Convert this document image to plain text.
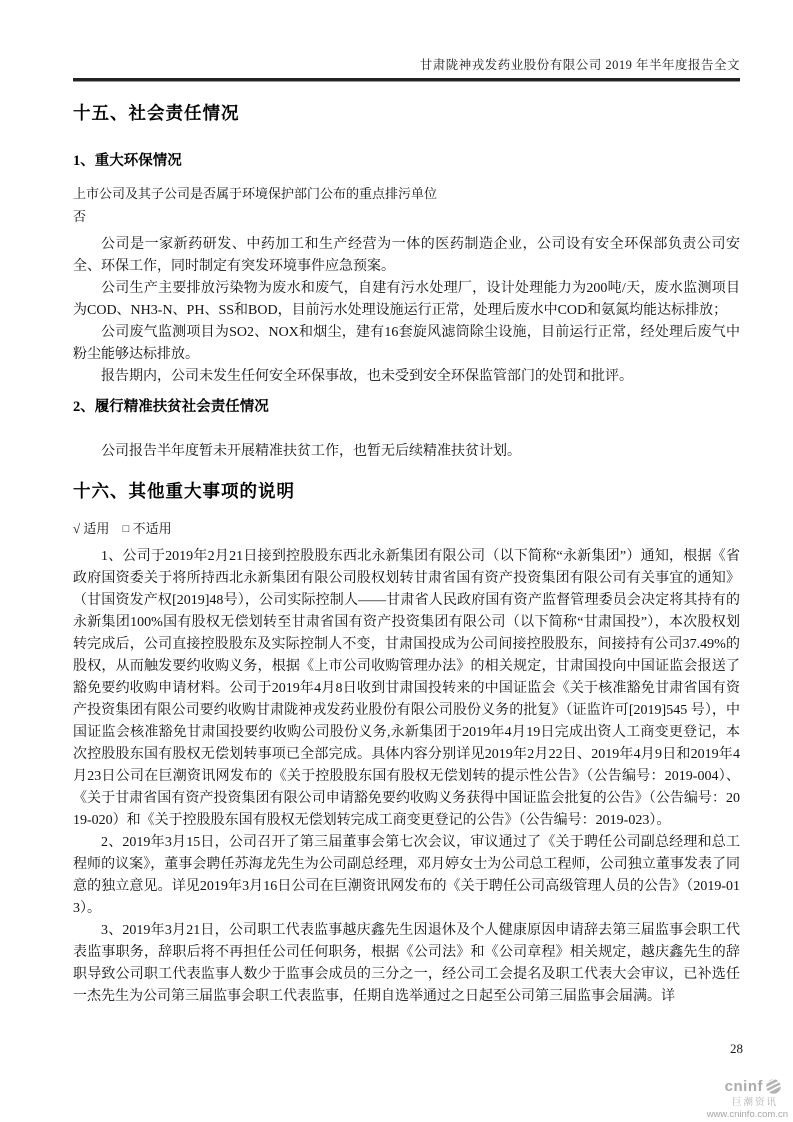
甘肃陇神戎发药业股份有限公司 2019 年半年度报告全文
十五、社会责任情况
1、重大环保情况

上市公司及其子公司是否属于环境保护部门公布的重点排污单位

否

公司是一家新药研发、中药加工和生产经营为一体的医药制造企业，公司设有安全环保部负责公司安全、环保工作，同时制定有突发环境事件应急预案。

公司生产主要排放污染物为废水和废气，自建有污水处理厂，设计处理能力为200吨/天，废水监测项目为COD、NH3-N、PH、SS和BOD，目前污水处理设施运行正常，处理后废水中COD和氨氮均能达标排放；

公司废气监测项目为SO2、NOX和烟尘，建有16套旋风滤筒除尘设施，目前运行正常，经处理后废气中粉尘能够达标排放。

报告期内，公司未发生任何安全环保事故，也未受到安全环保监管部门的处罚和批评。

2、履行精准扶贫社会责任情况

公司报告半年度暂未开展精准扶贫工作，也暂无后续精准扶贫计划。

十六、其他重大事项的说明

√ 适用 □ 不适用

1、公司于2019年2月21日接到控股股东西北永新集团有限公司（以下简称“永新集团”）通知，根据《省政府国资委关于将所持西北永新集团有限公司股权划转甘肃省国有资产投资集团有限公司有关事宜的通知》（甘国资发产权[2019]48号），公司实际控制人——甘肃省人民政府国有资产监督管理委员会决定将其持有的永新集团100%国有股权无偿划转至甘肃省国有资产投资集团有限公司（以下简称“甘肃国投”），本次股权划转完成后，公司直接控股股东及实际控制人不变，甘肃国投成为公司间接控股股东，间接持有公司37.49%的股权，从而触发要约收购义务，根据《上市公司收购管理办法》的相关规定，甘肃国投向中国证监会报送了豁免要约收购申请材料。公司于2019年4月8日收到甘肃国投转来的中国证监会《关于核准豁免甘肃省国有资产投资集团有限公司要约收购甘肃陇神戎发药业股份有限公司股份义务的批复》（证监许可[2019]545 号），中国证监会核准豁免甘肃国投要约收购公司股份义务,永新集团于2019年4月19日完成出资人工商变更登记，本次控股股东国有股权无偿划转事项已全部完成。具体内容分别详见2019年2月22日、2019年4月9日和2019年4月23日公司在巨潮资讯网发布的《关于控股股东国有股权无偿划转的提示性公告》（公告编号：2019-004）、《关于甘肃省国有资产投资集团有限公司申请豁免要约收购义务获得中国证监会批复的公告》（公告编号：2019-020）和《关于控股股东国有股权无偿划转完成工商变更登记的公告》（公告编号：2019-023）。

2、2019年3月15日，公司召开了第三届董事会第七次会议，审议通过了《关于聘任公司副总经理和总工程师的议案》，董事会聘任苏海龙先生为公司副总经理，邓月婷女士为公司总工程师，公司独立董事发表了同意的独立意见。详见2019年3月16日公司在巨潮资讯网发布的《关于聘任公司高级管理人员的公告》（2019-013）。

3、2019年3月21日，公司职工代表监事越庆鑫先生因退休及个人健康原因申请辞去第三届监事会职工代表监事职务，辞职后将不再担任公司任何职务，根据《公司法》和《公司章程》相关规定，越庆鑫先生的辞职导致公司职工代表监事人数少于监事会成员的三分之一，经公司工会提名及职工代表大会审议，已补选任一杰先生为公司第三届监事会职工代表监事，任期自选举通过之日起至公司第三届监事会届满。详

28
cninf
巨潮资讯
www.cninfo.com.cn
